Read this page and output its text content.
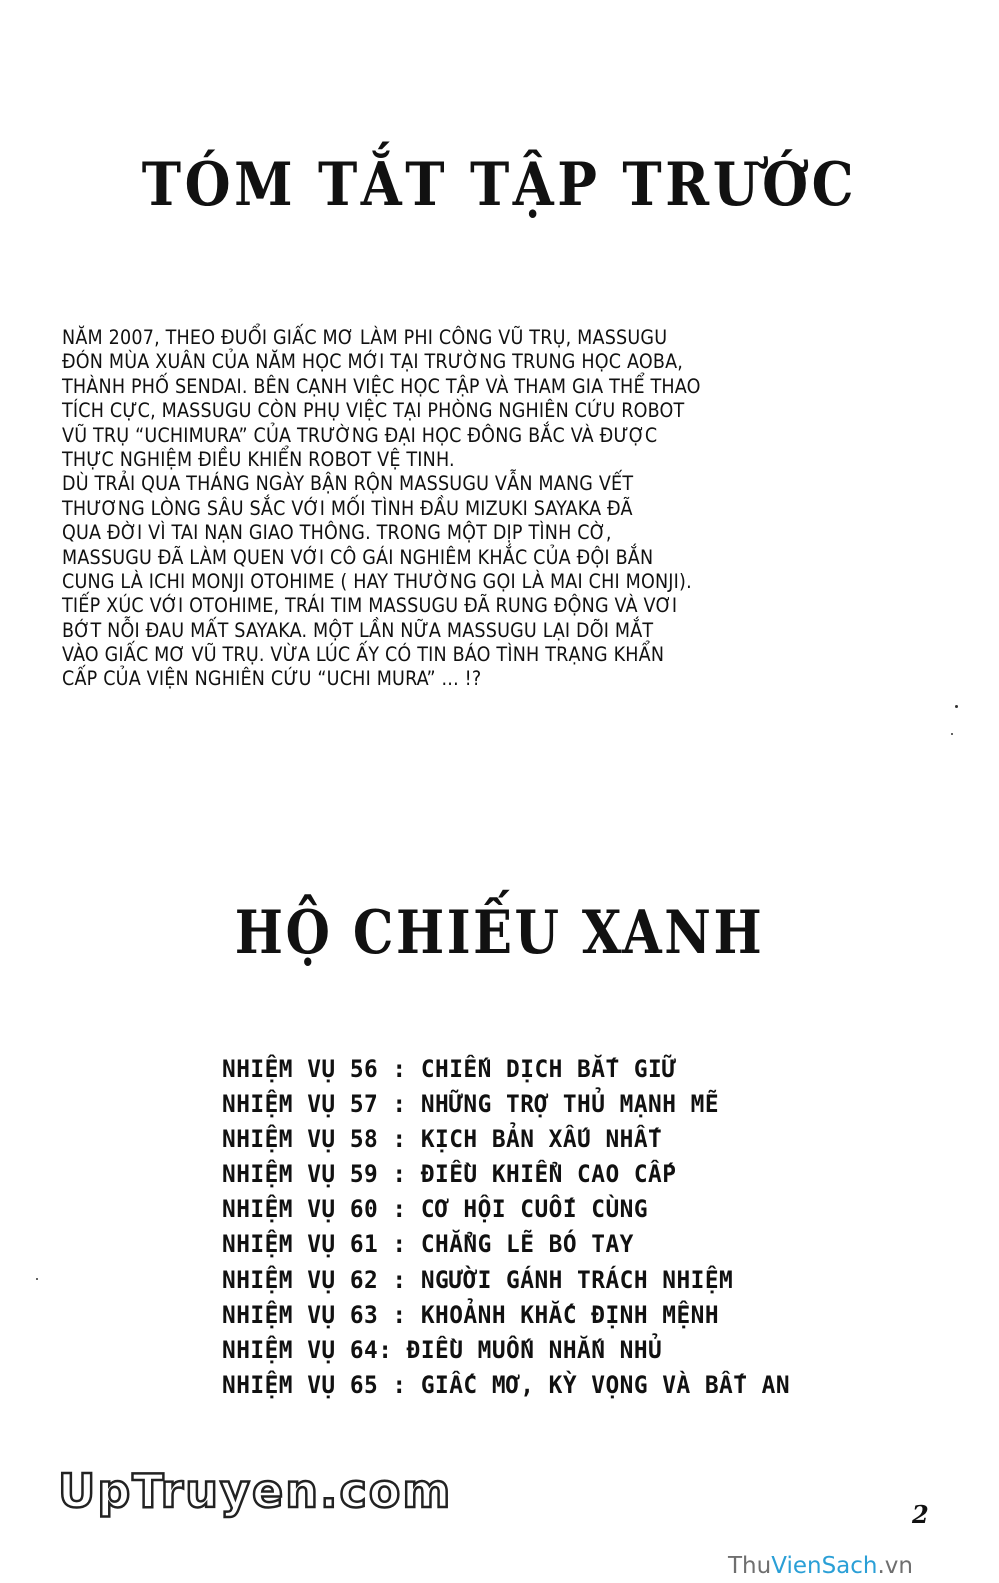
TÓM TẮT TẬP TRƯỚC
NĂM 2007, THEO ĐUỔI GIẤC MƠ LÀM PHI CÔNG VŨ TRỤ, MASSUGU
ĐÓN MÙA XUÂN CỦA NĂM HỌC MỚI TẠI TRƯỜNG TRUNG HỌC AOBA,
THÀNH PHỐ SENDAI. BÊN CẠNH VIỆC HỌC TẬP VÀ THAM GIA THỂ THAO
TÍCH CỰC, MASSUGU CÒN PHỤ VIỆC TẠI PHÒNG NGHIÊN CỨU ROBOT
VŨ TRỤ “UCHIMURA” CỦA TRƯỜNG ĐẠI HỌC ĐÔNG BẮC VÀ ĐƯỢC
THỰC NGHIỆM ĐIỀU KHIỂN ROBOT VỆ TINH.
DÙ TRẢI QUA THÁNG NGÀY BẬN RỘN MASSUGU VẪN MANG VẾT
THƯƠNG LÒNG SÂU SẮC VỚI MỐI TÌNH ĐẦU MIZUKI SAYAKA ĐÃ
QUA ĐỜI VÌ TAI NẠN GIAO THÔNG. TRONG MỘT DỊP TÌNH CỜ,
MASSUGU ĐÃ LÀM QUEN VỚI CÔ GÁI NGHIÊM KHẮC CỦA ĐỘI BẮN
CUNG LÀ ICHI MONJI OTOHIME ( HAY THƯỜNG GỌI LÀ MAI CHI MONJI).
TIẾP XÚC VỚI OTOHIME, TRÁI TIM MASSUGU ĐÃ RUNG ĐỘNG VÀ VƠI
BỚT NỖI ĐAU MẤT SAYAKA. MỘT LẦN NỮA MASSUGU LẠI DÕI MẮT
VÀO GIẤC MƠ VŨ TRỤ. VỪA LÚC ẤY CÓ TIN BÁO TÌNH TRẠNG KHẨN
CẤP CỦA VIỆN NGHIÊN CỨU “UCHI MURA” ... !?
HỘ CHIẾU XANH
NHIỆM VỤ 56 : CHIẾN DỊCH BẮT GIỮ
NHIỆM VỤ 57 : NHỮNG TRỢ THỦ MẠNH MẼ
NHIỆM VỤ 58 : KỊCH BẢN XẤU NHẤT
NHIỆM VỤ 59 : ĐIỀU KHIỂN CAO CẤP
NHIỆM VỤ 60 : CƠ HỘI CUỐI CÙNG
NHIỆM VỤ 61 : CHẲNG LẼ BÓ TAY
NHIỆM VỤ 62 : NGƯỜI GÁNH TRÁCH NHIỆM
NHIỆM VỤ 63 : KHOẢNH KHẮC ĐỊNH MỆNH
NHIỆM VỤ 64: ĐIỀU MUỐN NHẮN NHỦ
NHIỆM VỤ 65 : GIẤC MƠ, KỲ VỌNG VÀ BẤT AN
UpTruyen.com	2
ThuVienSach.vn
